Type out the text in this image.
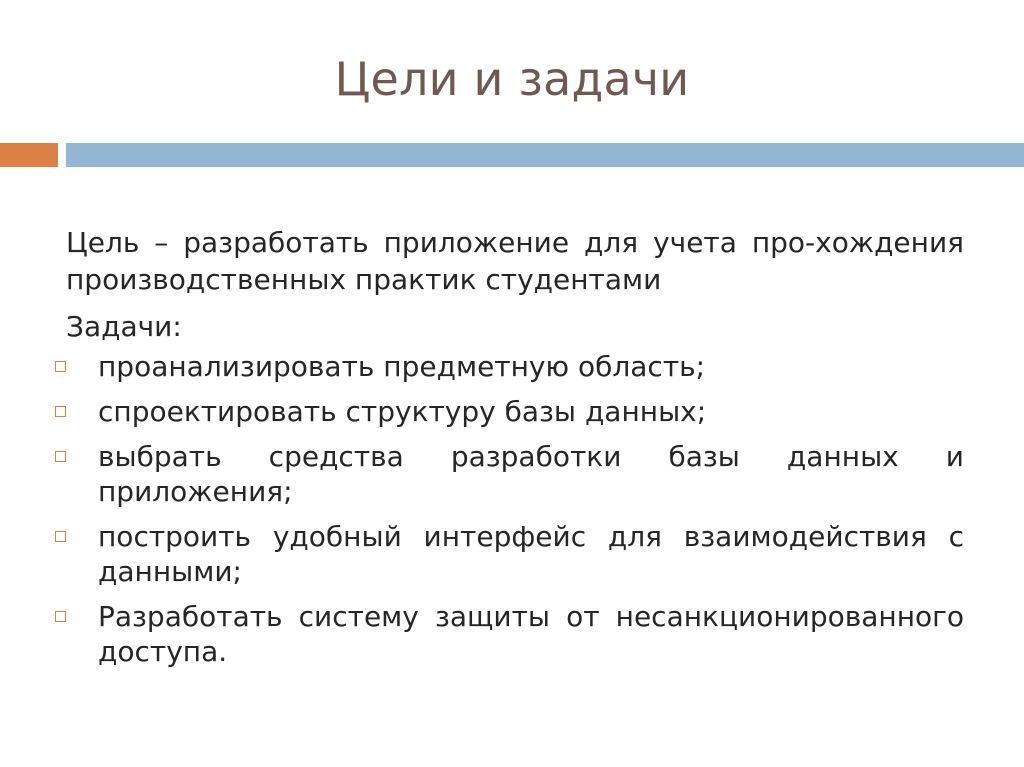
Цели и задачи

Цель – разработать приложение для учета про-хождения производственных практик студентами

Задачи:

проанализировать предметную область;
спроектировать структуру базы данных;
выбрать средства разработки базы данных и приложения;
построить удобный интерфейс для взаимодействия с данными;
Разработать систему защиты от несанкционированного доступа.
